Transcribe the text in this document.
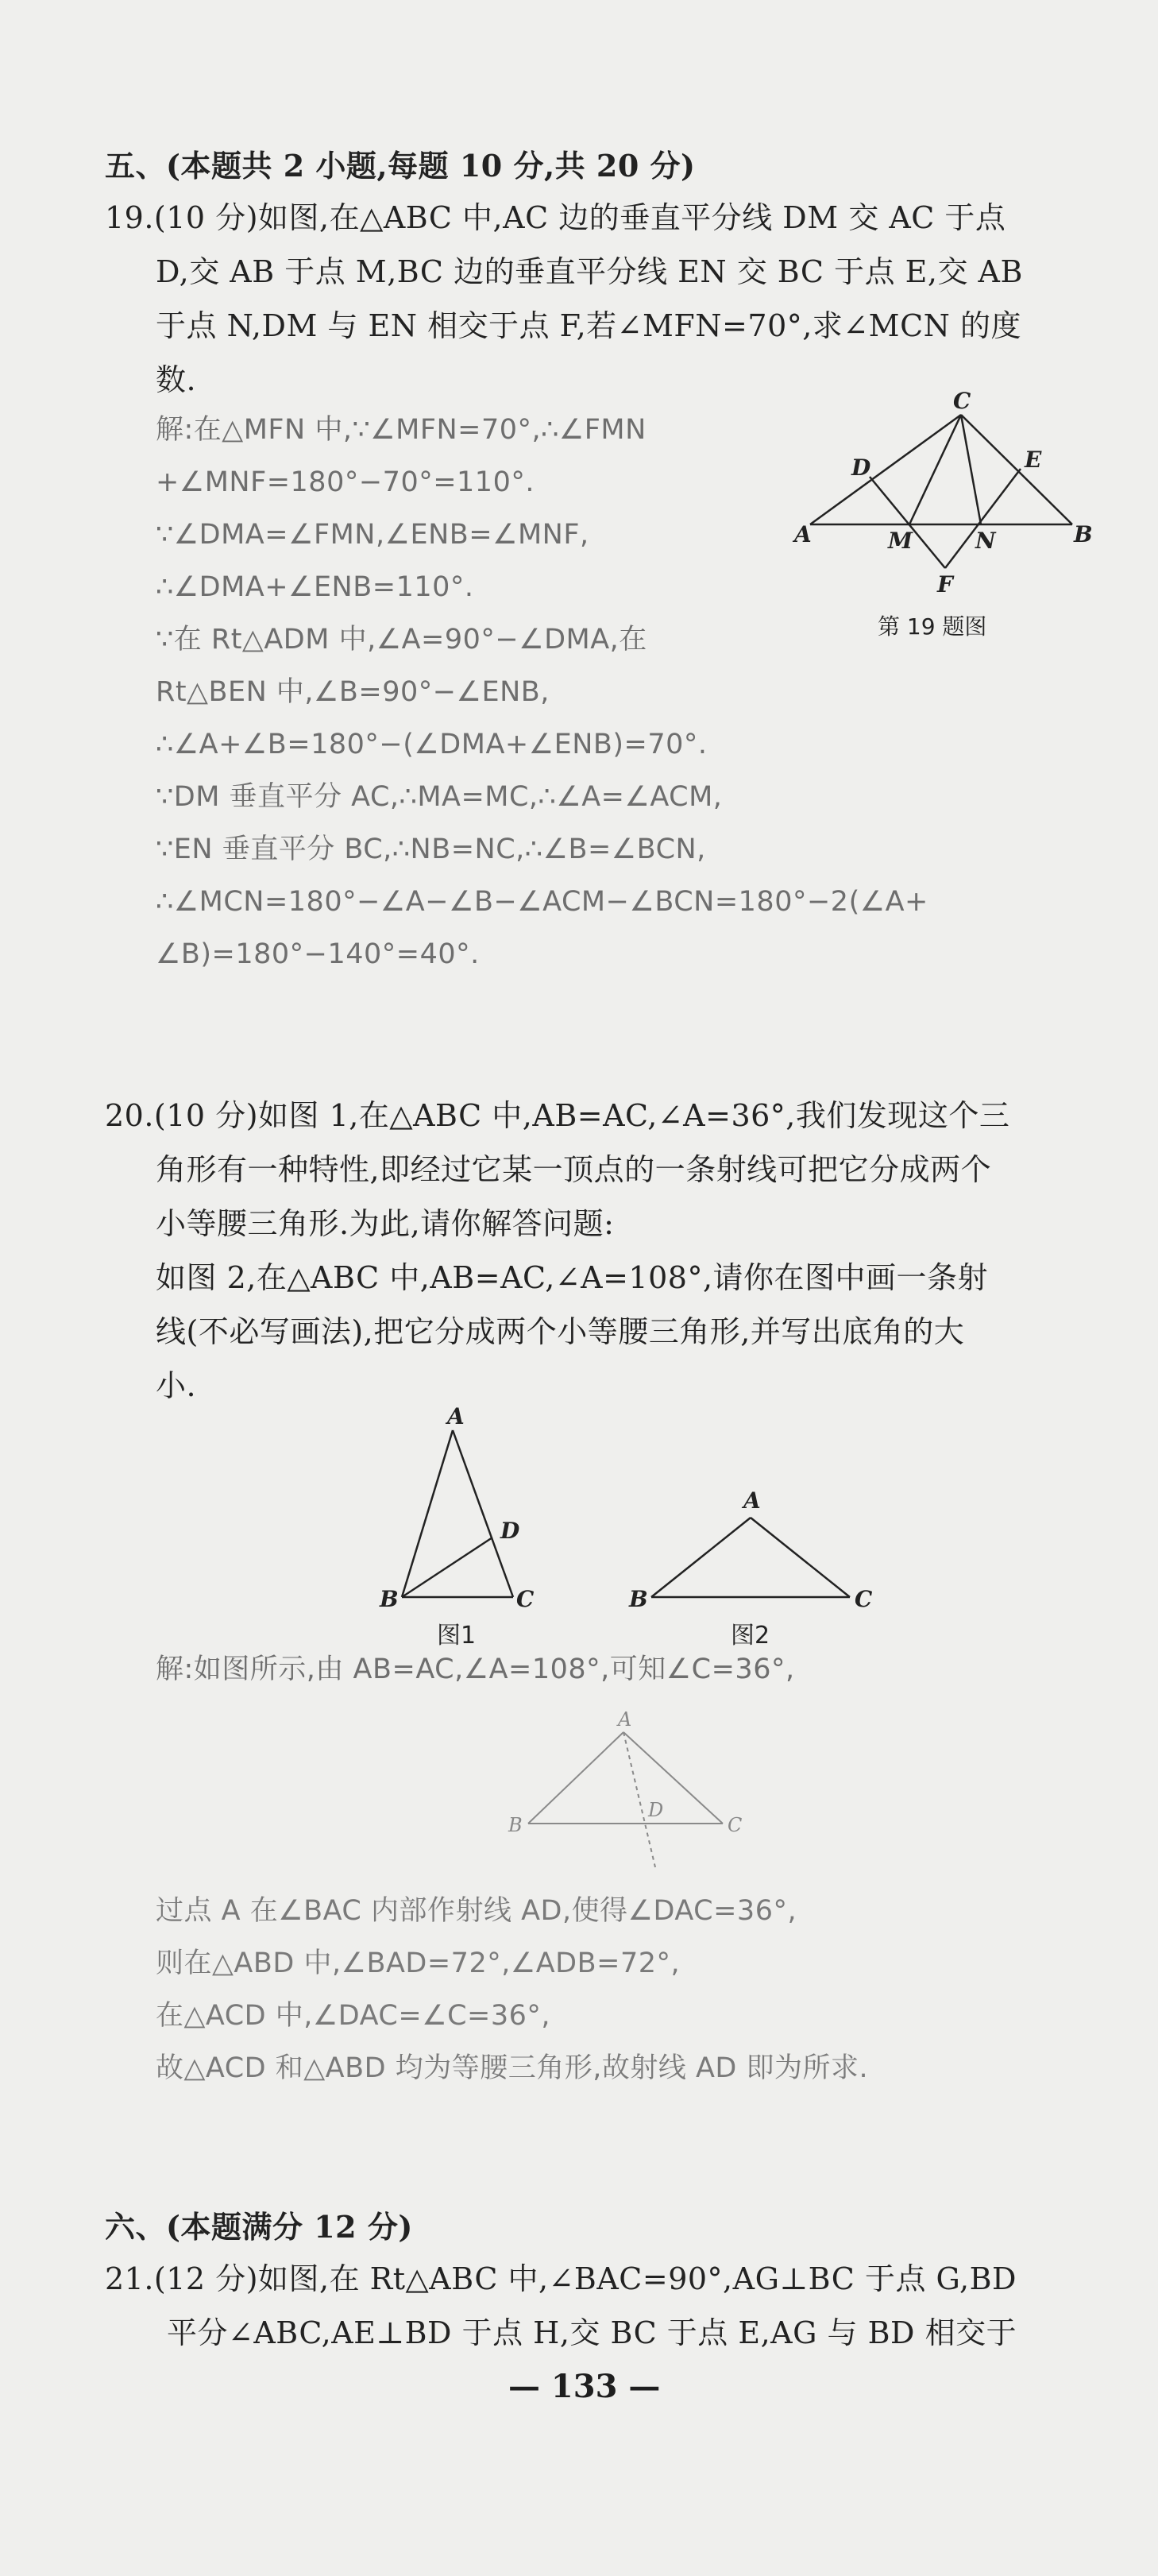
五、(本题共 2 小题,每题 10 分,共 20 分)
19.(10 分)如图,在△ABC 中,AC 边的垂直平分线 DM 交 AC 于点
D,交 AB 于点 M,BC 边的垂直平分线 EN 交 BC 于点 E,交 AB
于点 N,DM 与 EN 相交于点 F,若∠MFN=70°,求∠MCN 的度
数.
解:在△MFN 中,∵∠MFN=70°,∴∠FMN
+∠MNF=180°−70°=110°.
∵∠DMA=∠FMN,∠ENB=∠MNF,
∴∠DMA+∠ENB=110°.
∵在 Rt△ADM 中,∠A=90°−∠DMA,在
Rt△BEN 中,∠B=90°−∠ENB,
∴∠A+∠B=180°−(∠DMA+∠ENB)=70°.
∵DM 垂直平分 AC,∴MA=MC,∴∠A=∠ACM,
∵EN 垂直平分 BC,∴NB=NC,∴∠B=∠BCN,
∴∠MCN=180°−∠A−∠B−∠ACM−∠BCN=180°−2(∠A+
∠B)=180°−140°=40°.
A	B
C
D	E
M	N
F
第 19 题图
20.(10 分)如图 1,在△ABC 中,AB=AC,∠A=36°,我们发现这个三
角形有一种特性,即经过它某一顶点的一条射线可把它分成两个
小等腰三角形.为此,请你解答问题:
如图 2,在△ABC 中,AB=AC,∠A=108°,请你在图中画一条射
线(不必写画法),把它分成两个小等腰三角形,并写出底角的大
小.
A
B	C
D
图1
A
B	C
图2
解:如图所示,由 AB=AC,∠A=108°,可知∠C=36°,
A
B	C
D
过点 A 在∠BAC 内部作射线 AD,使得∠DAC=36°,
则在△ABD 中,∠BAD=72°,∠ADB=72°,
在△ACD 中,∠DAC=∠C=36°,
故△ACD 和△ABD 均为等腰三角形,故射线 AD 即为所求.
六、(本题满分 12 分)
21.(12 分)如图,在 Rt△ABC 中,∠BAC=90°,AG⊥BC 于点 G,BD
平分∠ABC,AE⊥BD 于点 H,交 BC 于点 E,AG 与 BD 相交于
— 133 —
